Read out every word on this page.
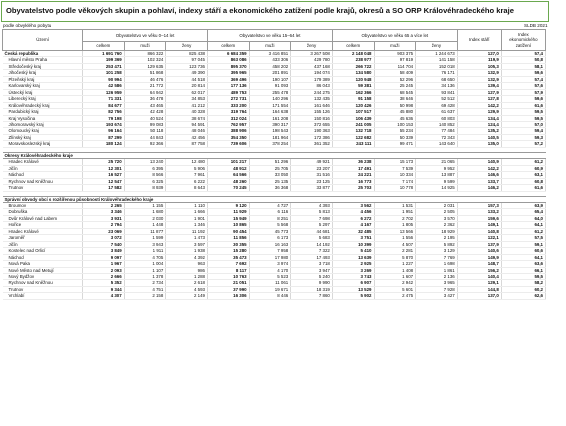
Obyvatelstvo podle věkových skupin a pohlaví, indexy stáří a ekonomického zatížení podle krajů, okresů a SO ORP Královéhradeckého kraje
podle obvyklého pobytu	SLDB 2021
Území	Obyvatelstvo ve věku 0–14 let			Obyvatelstvo ve věku 15–64 let			Obyvatelstvo ve věku 65 a více let			Index stáří	Index ekonomického zatížení
	celkem	muži	ženy	celkem	muži	ženy	celkem	muži	ženy		
Česká republika	1 691 760	866 322	825 438	6 684 359	3 416 851	3 267 508	2 148 048	903 375	1 244 673	127,0	57,4
Hlavní město Praha	199 369	102 324	97 045	863 086	433 306	429 780	238 977	97 819	141 158	119,9	50,8
Středočeský kraj	253 471	129 635	123 736	895 370	458 202	437 168	266 722	114 704	152 018	105,3	58,1
Jihočeský kraj	101 258	51 868	49 390	395 965	201 891	194 074	134 580	58 409	76 171	132,9	59,6
Plzeňský kraj	90 994	46 476	44 518	369 496	190 107	179 389	120 948	52 296	68 650	132,9	57,4
Karlovarský kraj	42 586	21 772	20 814	177 136	91 093	86 043	59 381	25 245	34 136	139,4	57,6
Ústecký kraj	126 959	64 942	62 017	489 753	255 478	244 275	162 366	68 545	93 841	127,9	57,9
Liberecký kraj	71 331	36 478	34 853	272 731	140 296	132 435	91 158	38 646	52 512	127,8	59,6
Královéhradecký kraj	84 677	43 465	41 212	333 200	171 554	161 646	120 426	50 998	69 428	142,2	61,6
Pardubický kraj	82 756	42 428	40 328	319 764	164 638	155 126	107 517	45 880	61 637	129,9	59,5
Kraj Vysočina	79 198	40 524	38 674	312 024	161 208	150 816	106 439	45 636	60 803	134,4	59,5
Jihomoravský kraj	193 674	99 083	94 591	762 957	390 317	372 655	241 005	100 153	140 852	124,4	57,0
Olomoucký kraj	96 164	50 118	48 046	388 906	198 543	190 363	132 718	55 234	77 484	135,2	59,4
Zlínský kraj	87 299	44 843	42 456	354 350	181 964	172 386	122 682	50 339	72 343	140,5	59,3
Moravskoslezský kraj	180 124	92 366	87 758	739 606	378 254	361 352	243 111	99 471	143 640	135,0	57,2

Okresy Královéhradeckého kraje											
Hradec Králové	25 720	13 240	12 480	101 217	51 296	49 921	36 238	15 173	21 065	140,9	61,2
Jičín	12 301	6 395	5 906	48 912	25 705	23 207	17 491	7 539	9 952	142,2	60,9
Náchod	16 527	8 566	7 961	64 566	33 050	31 516	24 221	10 334	13 887	146,6	63,1
Rychnov nad Kněžnou	12 547	6 325	6 222	48 260	25 135	23 125	16 773	7 174	9 599	133,7	60,8
Trutnov	17 582	8 939	8 643	70 245	36 368	33 877	25 703	10 778	14 925	146,2	61,6

Správní obvody obcí s rozšířenou působností Královéhradeckého kraje											
Broumov	2 265	1 155	1 110	9 120	4 727	4 393	3 562	1 531	2 031	157,3	63,9
Dobruška	3 346	1 680	1 666	11 929	6 116	5 813	4 456	1 951	2 505	133,2	65,4
Dvůr Králové nad Labem	3 931	2 030	1 901	15 949	8 251	7 698	6 272	2 702	3 570	159,6	64,0
Hořice	2 794	1 448	1 346	10 865	5 568	5 297	4 167	1 805	2 362	149,1	64,1
Hradec Králové	23 069	11 877	11 192	90 454	45 773	44 681	32 485	13 566	18 929	140,8	61,2
Jaroměř	3 072	1 599	1 473	11 856	6 173	5 683	3 751	1 556	2 195	122,1	57,5
Jičín	7 540	3 943	3 597	30 355	16 163	14 192	10 399	4 507	5 892	137,9	59,1
Kostelec nad Orlicí	3 849	1 911	1 938	15 280	7 958	7 322	5 410	2 281	3 129	140,6	60,6
Náchod	9 097	4 705	4 392	35 473	17 980	17 493	13 639	5 870	7 769	149,9	64,1
Nová Paka	1 967	1 004	963	7 692	3 974	3 718	2 925	1 227	1 698	148,7	63,6
Nové Město nad Metují	2 093	1 107	986	8 117	4 170	3 947	3 269	1 408	1 861	156,2	66,1
Nový Bydžov	2 666	1 378	1 288	10 763	5 523	5 240	3 743	1 607	2 136	140,4	59,5
Rychnov nad Kněžnou	5 352	2 734	2 618	21 051	11 061	9 990	6 907	2 942	3 965	129,1	58,2
Trutnov	9 344	4 751	4 593	37 990	19 671	18 319	13 529	5 601	7 928	144,8	60,2
Vrchlabí	4 307	2 158	2 149	16 306	8 446	7 860	5 902	2 475	3 427	137,0	62,6
